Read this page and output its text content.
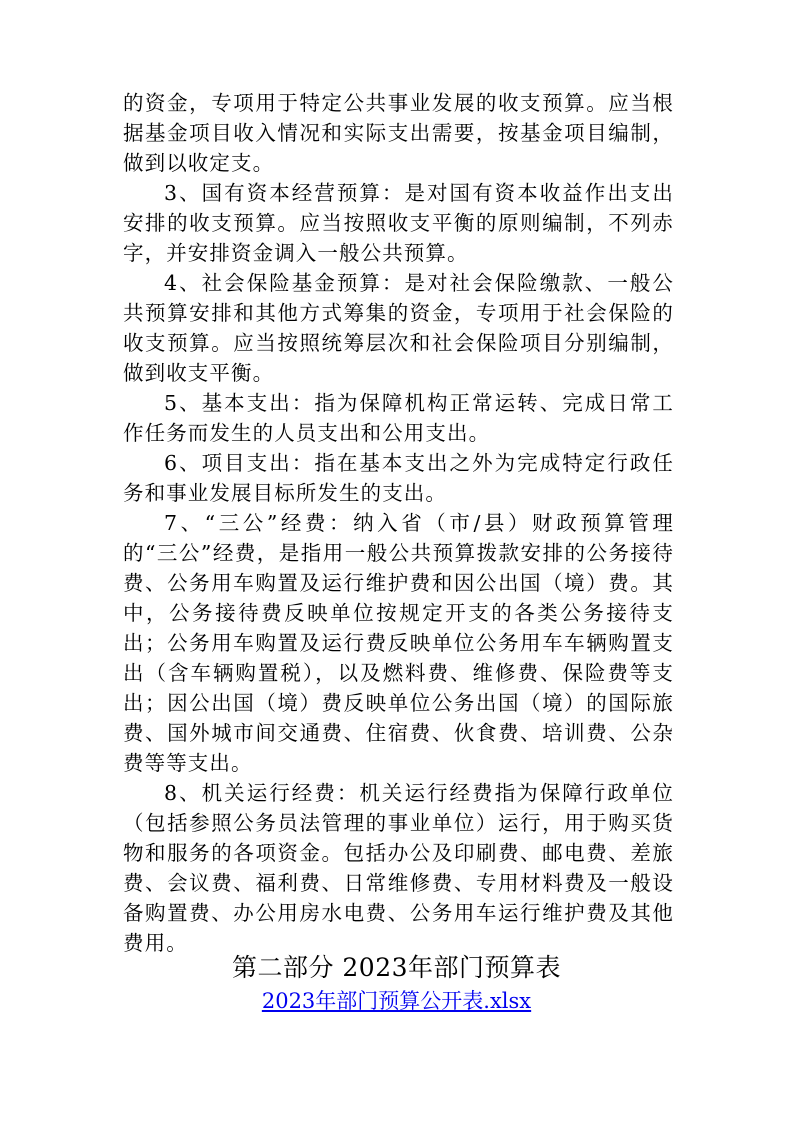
的资金，专项用于特定公共事业发展的收支预算。应当根据基金项目收入情况和实际支出需要，按基金项目编制，做到以收定支。

3、国有资本经营预算：是对国有资本收益作出支出安排的收支预算。应当按照收支平衡的原则编制，不列赤字，并安排资金调入一般公共预算。

4、社会保险基金预算：是对社会保险缴款、一般公共预算安排和其他方式筹集的资金，专项用于社会保险的收支预算。应当按照统筹层次和社会保险项目分别编制，做到收支平衡。

5、基本支出：指为保障机构正常运转、完成日常工作任务而发生的人员支出和公用支出。

6、项目支出：指在基本支出之外为完成特定行政任务和事业发展目标所发生的支出。

7、“三公”经费：纳入省（市/县）财政预算管理的“三公”经费，是指用一般公共预算拨款安排的公务接待费、公务用车购置及运行维护费和因公出国（境）费。其中，公务接待费反映单位按规定开支的各类公务接待支出；公务用车购置及运行费反映单位公务用车车辆购置支出（含车辆购置税），以及燃料费、维修费、保险费等支出；因公出国（境）费反映单位公务出国（境）的国际旅费、国外城市间交通费、住宿费、伙食费、培训费、公杂费等等支出。

8、机关运行经费：机关运行经费指为保障行政单位（包括参照公务员法管理的事业单位）运行，用于购买货物和服务的各项资金。包括办公及印刷费、邮电费、差旅费、会议费、福利费、日常维修费、专用材料费及一般设备购置费、办公用房水电费、公务用车运行维护费及其他费用。

第二部分 2023年部门预算表
2023年部门预算公开表.xlsx
